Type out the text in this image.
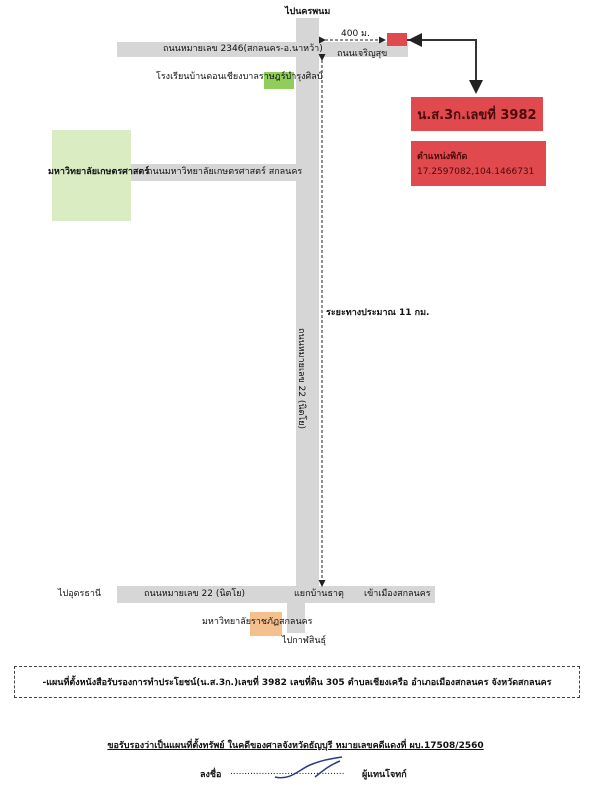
น.ส.3ก.เลขที่ 3982
ตำแหน่งพิกัด
17.2597082,104.1466731
ไปนครพนม
ถนนหมายเลข 2346(สกลนคร-อ.นาหว้า)
400 ม.
ถนนเจริญสุข
โรงเรียนบ้านดอนเชียงบาลราษฎร์บำรุงศิลป์
มหาวิทยาลัยเกษตรศาสตร์
ถนนมหาวิทยาลัยเกษตรศาสตร์ สกลนคร
ระยะทางประมาณ 11 กม.
ถนนหมายเลข 22 (นิตโย)
ไปอุดรธานี	ถนนหมายเลข 22 (นิตโย)	แยกบ้านธาตุ เข้าเมืองสกลนคร
มหาวิทยาลัยราชภัฏสกลนคร
ไปกาฬสินธุ์
-แผนที่ตั้งหนังสือรับรองการทำประโยชน์(น.ส.3ก.)เลขที่ 3982 เลขที่ดิน 305 ตำบลเชียงเครือ อำเภอเมืองสกลนคร จังหวัดสกลนคร
ขอรับรองว่าเป็นแผนที่ตั้งทรัพย์ ในคดีของศาลจังหวัดธัญบุรี หมายเลขคดีแดงที่ ผบ.17508/2560
ลงชื่อ ........................................ ผู้แทนโจทก์
